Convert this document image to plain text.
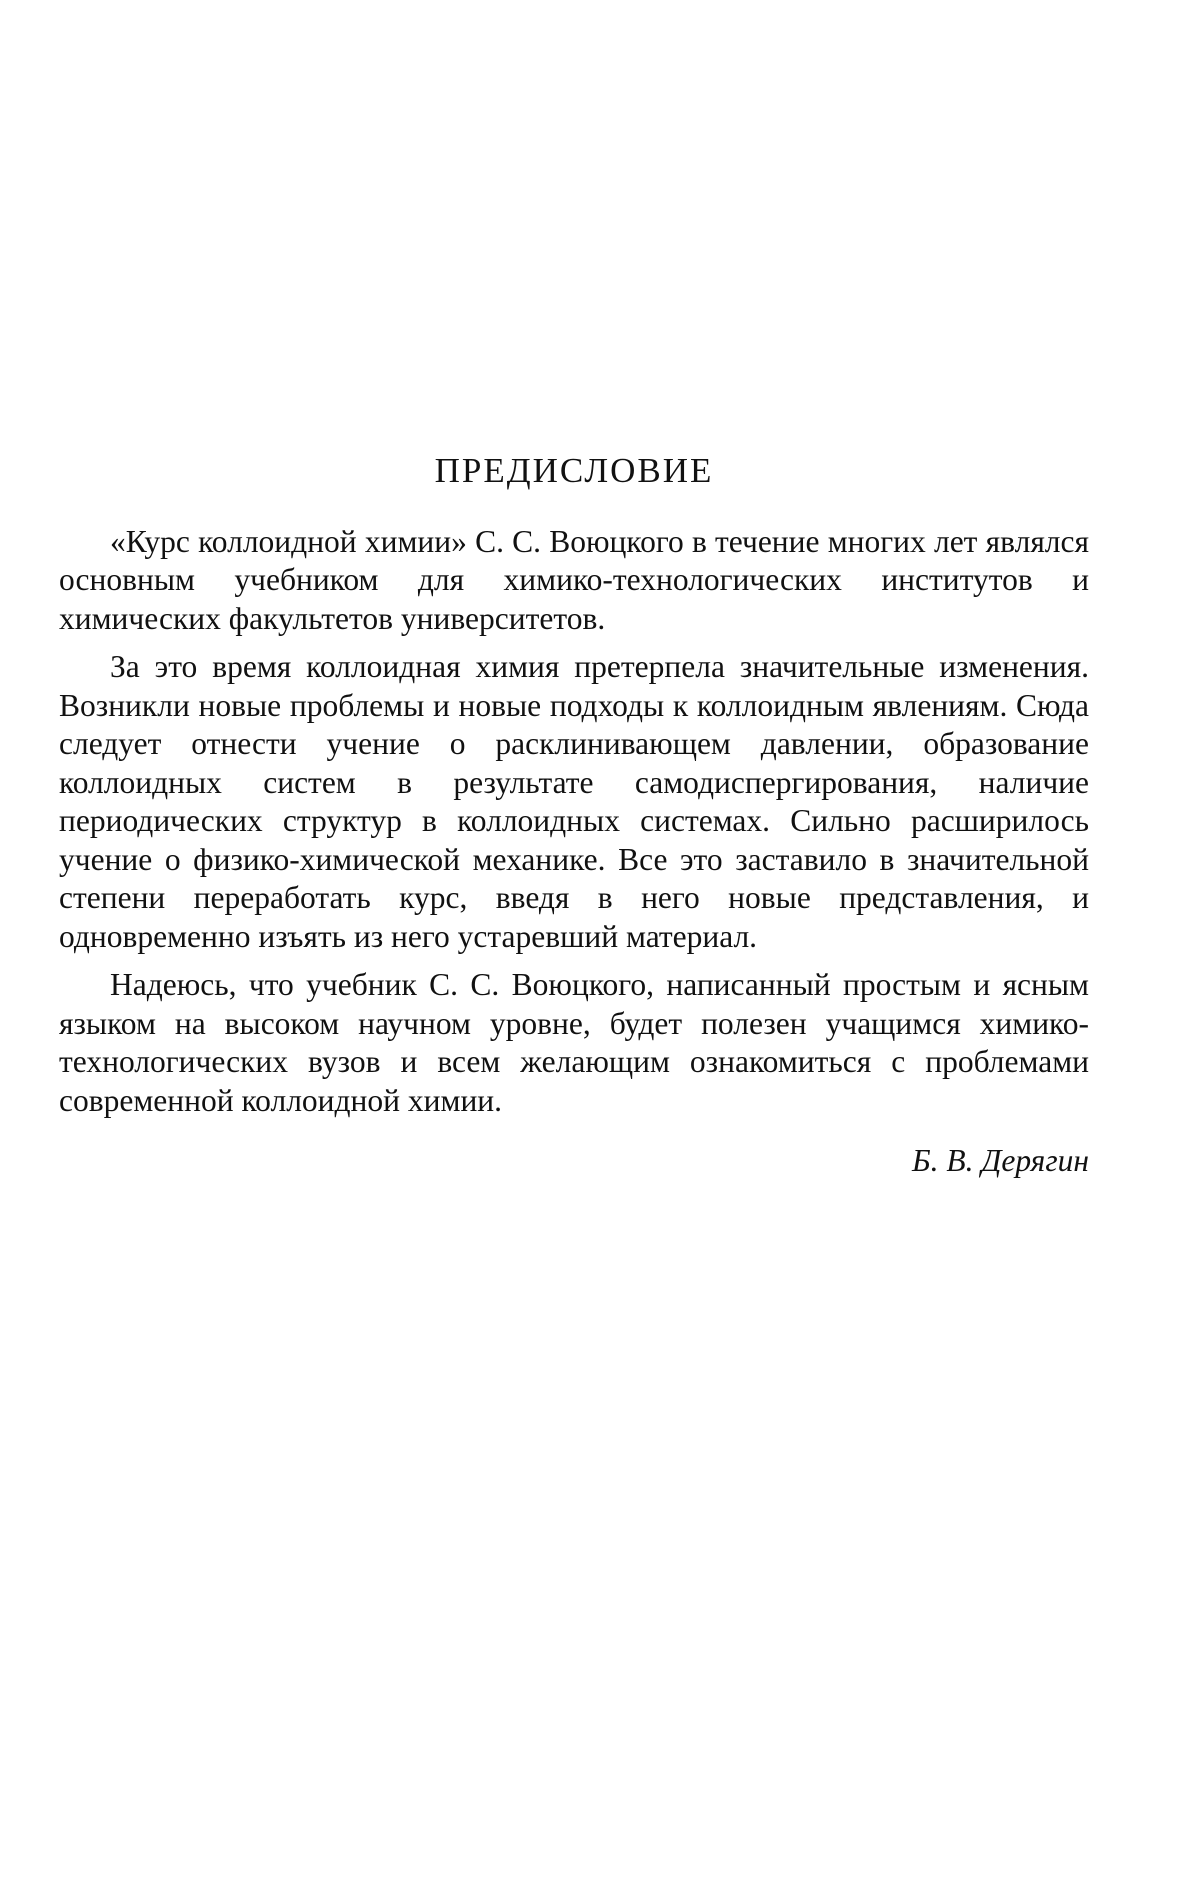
ПРЕДИСЛОВИЕ

«Курс коллоидной химии» С. С. Воюцкого в течение многих лет являлся основным учебником для химико-технологических институтов и химических факультетов университетов.

За это время коллоидная химия претерпела значительные изменения. Возникли новые проблемы и новые подходы к коллоидным явлениям. Сюда следует отнести учение о расклинивающем давлении, образование коллоидных систем в результате самодиспергирования, наличие периодических структур в коллоидных системах. Сильно расширилось учение о физико-химической механике. Все это заставило в значительной степени переработать курс, введя в него новые представления, и одновременно изъять из него устаревший материал.

Надеюсь, что учебник С. С. Воюцкого, написанный простым и ясным языком на высоком научном уровне, будет полезен учащимся химико-технологических вузов и всем желающим ознакомиться с проблемами современной коллоидной химии.

Б. В. Дерягин
